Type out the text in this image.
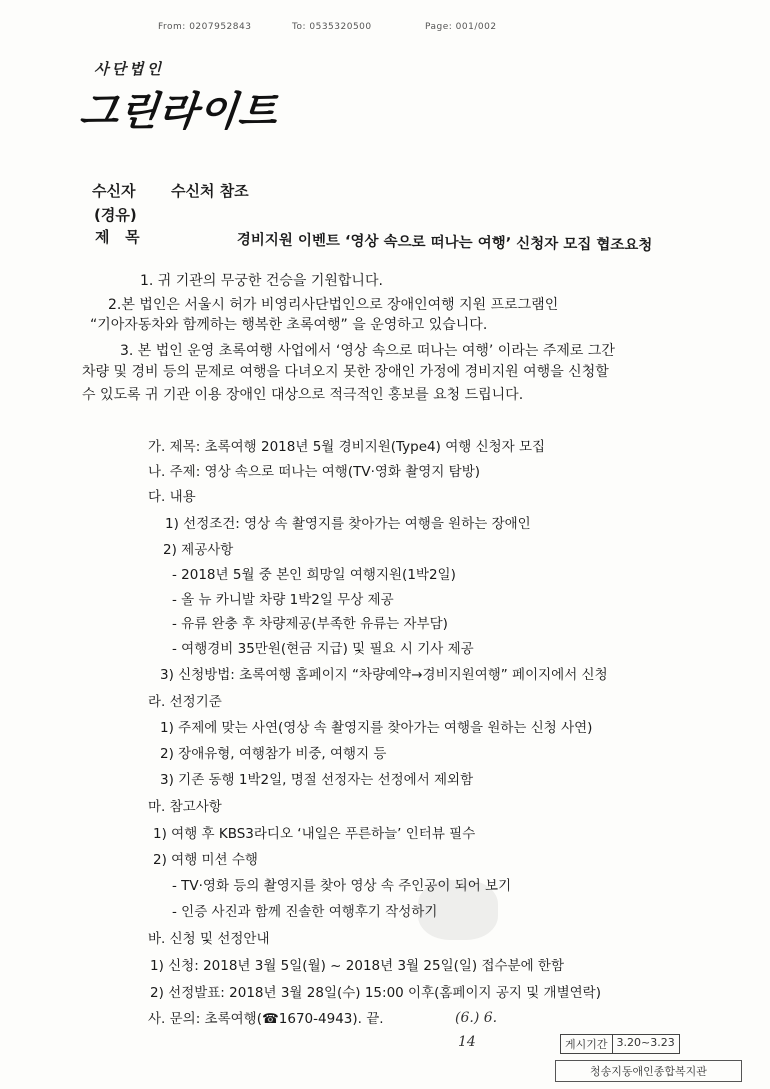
From: 0207952843	To: 0535320500	Page: 001/002
사단법인
그린라이트
수신자 수신처 참조
(경유)
제   목	경비지원 이벤트 ‘영상 속으로 떠나는 여행’ 신청자 모집 협조요청
1. 귀 기관의 무궁한 건승을 기원합니다.
2.본 법인은 서울시 허가 비영리사단법인으로 장애인여행 지원 프로그램인
“기아자동차와 함께하는 행복한 초록여행” 을 운영하고 있습니다.
3. 본 법인 운영 초록여행 사업에서 ‘영상 속으로 떠나는 여행’ 이라는 주제로 그간
차량 및 경비 등의 문제로 여행을 다녀오지 못한 장애인 가정에 경비지원 여행을 신청할
수 있도록 귀 기관 이용 장애인 대상으로 적극적인 홍보를 요청 드립니다.
가. 제목: 초록여행 2018년 5월 경비지원(Type4) 여행 신청자 모집
나. 주제: 영상 속으로 떠나는 여행(TV·영화 촬영지 탐방)
다. 내용
1) 선정조건: 영상 속 촬영지를 찾아가는 여행을 원하는 장애인
2) 제공사항
- 2018년 5월 중 본인 희망일 여행지원(1박2일)
- 올 뉴 카니발 차량 1박2일 무상 제공
- 유류 완충 후 차량제공(부족한 유류는 자부담)
- 여행경비 35만원(현금 지급) 및 필요 시 기사 제공
3) 신청방법: 초록여행 홈페이지 “차량예약→경비지원여행” 페이지에서 신청
라. 선정기준
1) 주제에 맞는 사연(영상 속 촬영지를 찾아가는 여행을 원하는 신청 사연)
2) 장애유형, 여행참가 비중, 여행지 등
3) 기존 동행 1박2일, 명절 선정자는 선정에서 제외함
마. 참고사항
1) 여행 후 KBS3라디오 ‘내일은 푸른하늘’ 인터뷰 필수
2) 여행 미션 수행
- TV·영화 등의 촬영지를 찾아 영상 속 주인공이 되어 보기
- 인증 사진과 함께 진솔한 여행후기 작성하기
바. 신청 및 선정안내
1) 신청: 2018년 3월 5일(월) ~ 2018년 3월 25일(일) 접수분에 한함
2) 선정발표: 2018년 3월 28일(수) 15:00 이후(홈페이지 공지 및 개별연락)
사. 문의: 초록여행(☎1670-4943). 끝.	(6.) 6.
14	게시기간 3.20~3.23
청송지동애인종합복지관
